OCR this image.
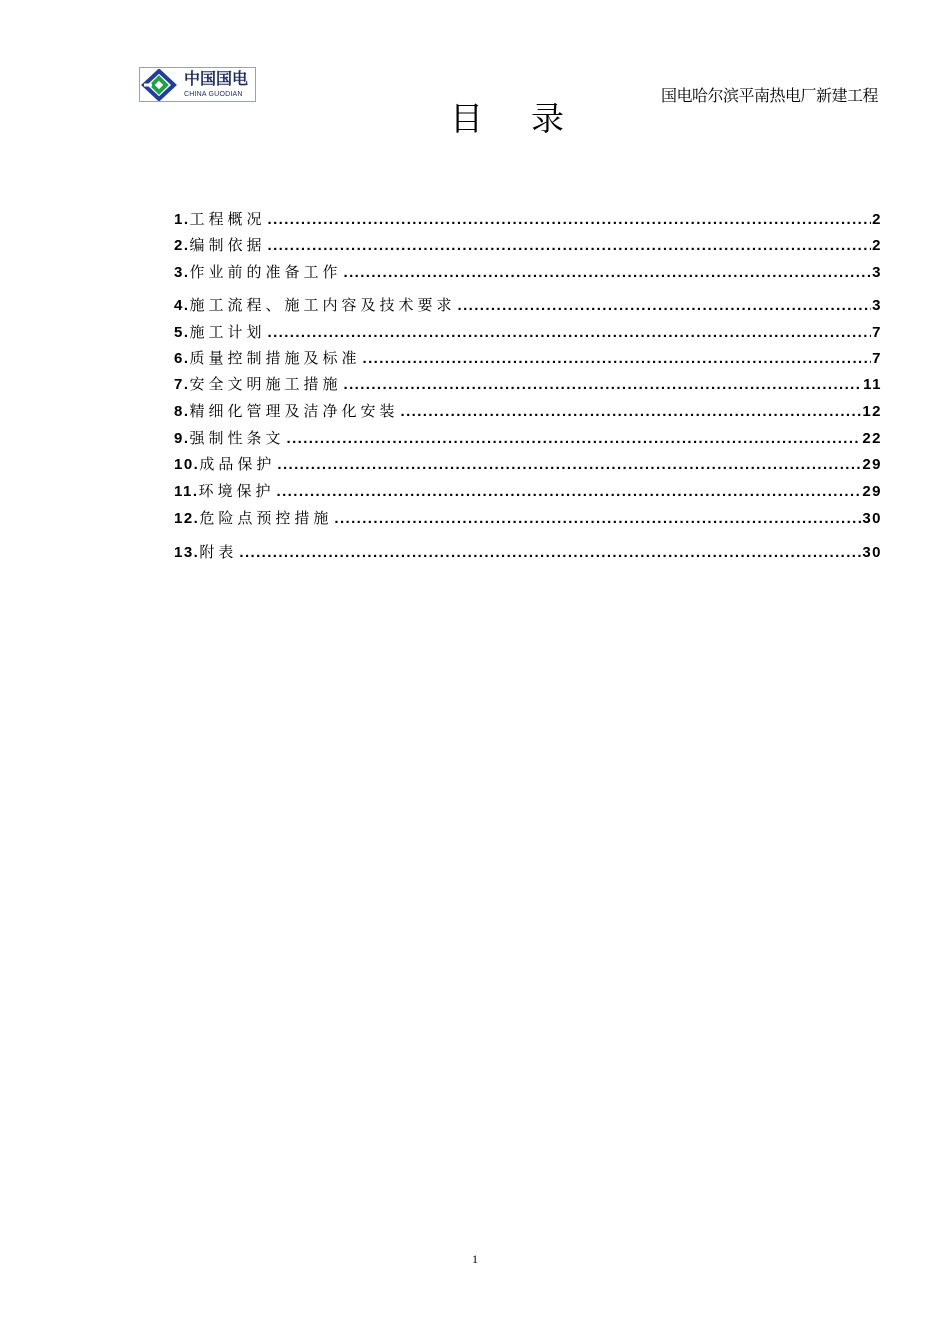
中国国电
CHINA GUODIAN	国电哈尔滨平南热电厂新建工程
目录
1. 工程概况 .....	2
2. 编制依据 .....	2
3. 作业前的准备工作 .....	3
4. 施工流程、施工内容及技术要求 .....	3
5. 施工计划 .....	7
6. 质量控制措施及标准 .....	7
7. 安全文明施工措施 .....	11
8. 精细化管理及洁净化安装 .....	12
9. 强制性条文 .....	22
10. 成品保护 .....	29
11. 环境保护 .....	29
12. 危险点预控措施 .....	30
13. 附表 .....	30
1
